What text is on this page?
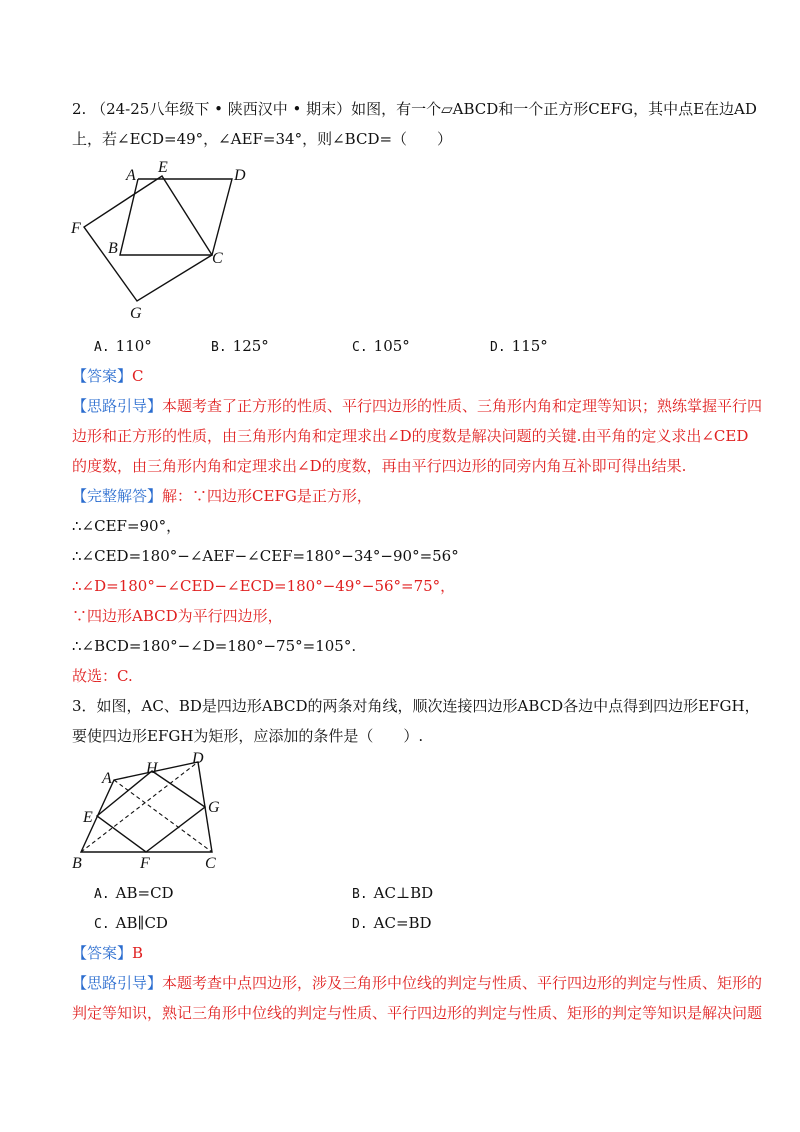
2. （24-25八年级下 • 陕西汉中 • 期末）如图，有一个▱ABCD和一个正方形CEFG，其中点E在边AD
上，若∠ECD=49°，∠AEF=34°，则∠BCD=（　　）
A E	D
F
B
C
G
A. 110°	B. 125°	C. 105°	D. 115°
【答案】C
【思路引导】本题考查了正方形的性质、平行四边形的性质、三角形内角和定理等知识；熟练掌握平行四
边形和正方形的性质，由三角形内角和定理求出∠D的度数是解决问题的关键.由平角的定义求出∠CED
的度数，由三角形内角和定理求出∠D的度数，再由平行四边形的同旁内角互补即可得出结果.
【完整解答】解：∵四边形CEFG是正方形，
∴∠CEF=90°，
∴∠CED=180°−∠AEF−∠CEF=180°−34°−90°=56°
∴∠D=180°−∠CED−∠ECD=180°−49°−56°=75°，
∵四边形ABCD为平行四边形，
∴∠BCD=180°−∠D=180°−75°=105°.
故选：C.
3．如图，AC、BD是四边形ABCD的两条对角线，顺次连接四边形ABCD各边中点得到四边形EFGH，
要使四边形EFGH为矩形，应添加的条件是（　　）.
A
H
D
E
G
B	F	C
A. AB=CD	B. AC⊥BD
C. AB∥CD	D. AC=BD
【答案】B
【思路引导】本题考查中点四边形，涉及三角形中位线的判定与性质、平行四边形的判定与性质、矩形的
判定等知识，熟记三角形中位线的判定与性质、平行四边形的判定与性质、矩形的判定等知识是解决问题
